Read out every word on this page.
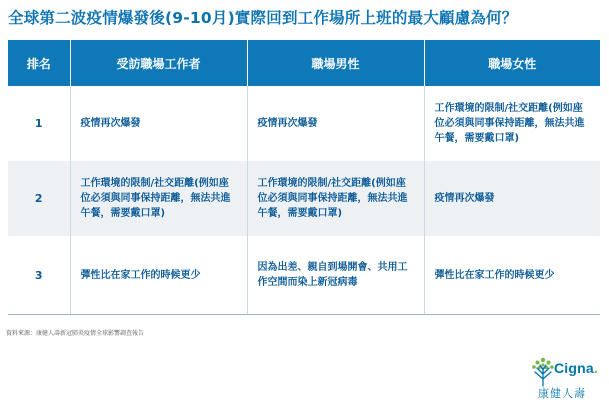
全球第二波疫情爆發後(9-10月)實際回到工作場所上班的最大顧慮為何？
排名	受訪職場工作者	職場男性	職場女性
1	疫情再次爆發	疫情再次爆發	工作環境的限制/社交距離(例如座位必須與同事保持距離，無法共進午餐，需要戴口罩)
2	工作環境的限制/社交距離(例如座位必須與同事保持距離，無法共進午餐，需要戴口罩)	工作環境的限制/社交距離(例如座位必須與同事保持距離，無法共進午餐，需要戴口罩)	疫情再次爆發
3	彈性比在家工作的時候更少	因為出差、親自到場開會、共用工作空間而染上新冠病毒	彈性比在家工作的時候更少
資料來源：康健人壽新冠肺炎疫情全球影響調查報告
Cigna.
康健人壽
